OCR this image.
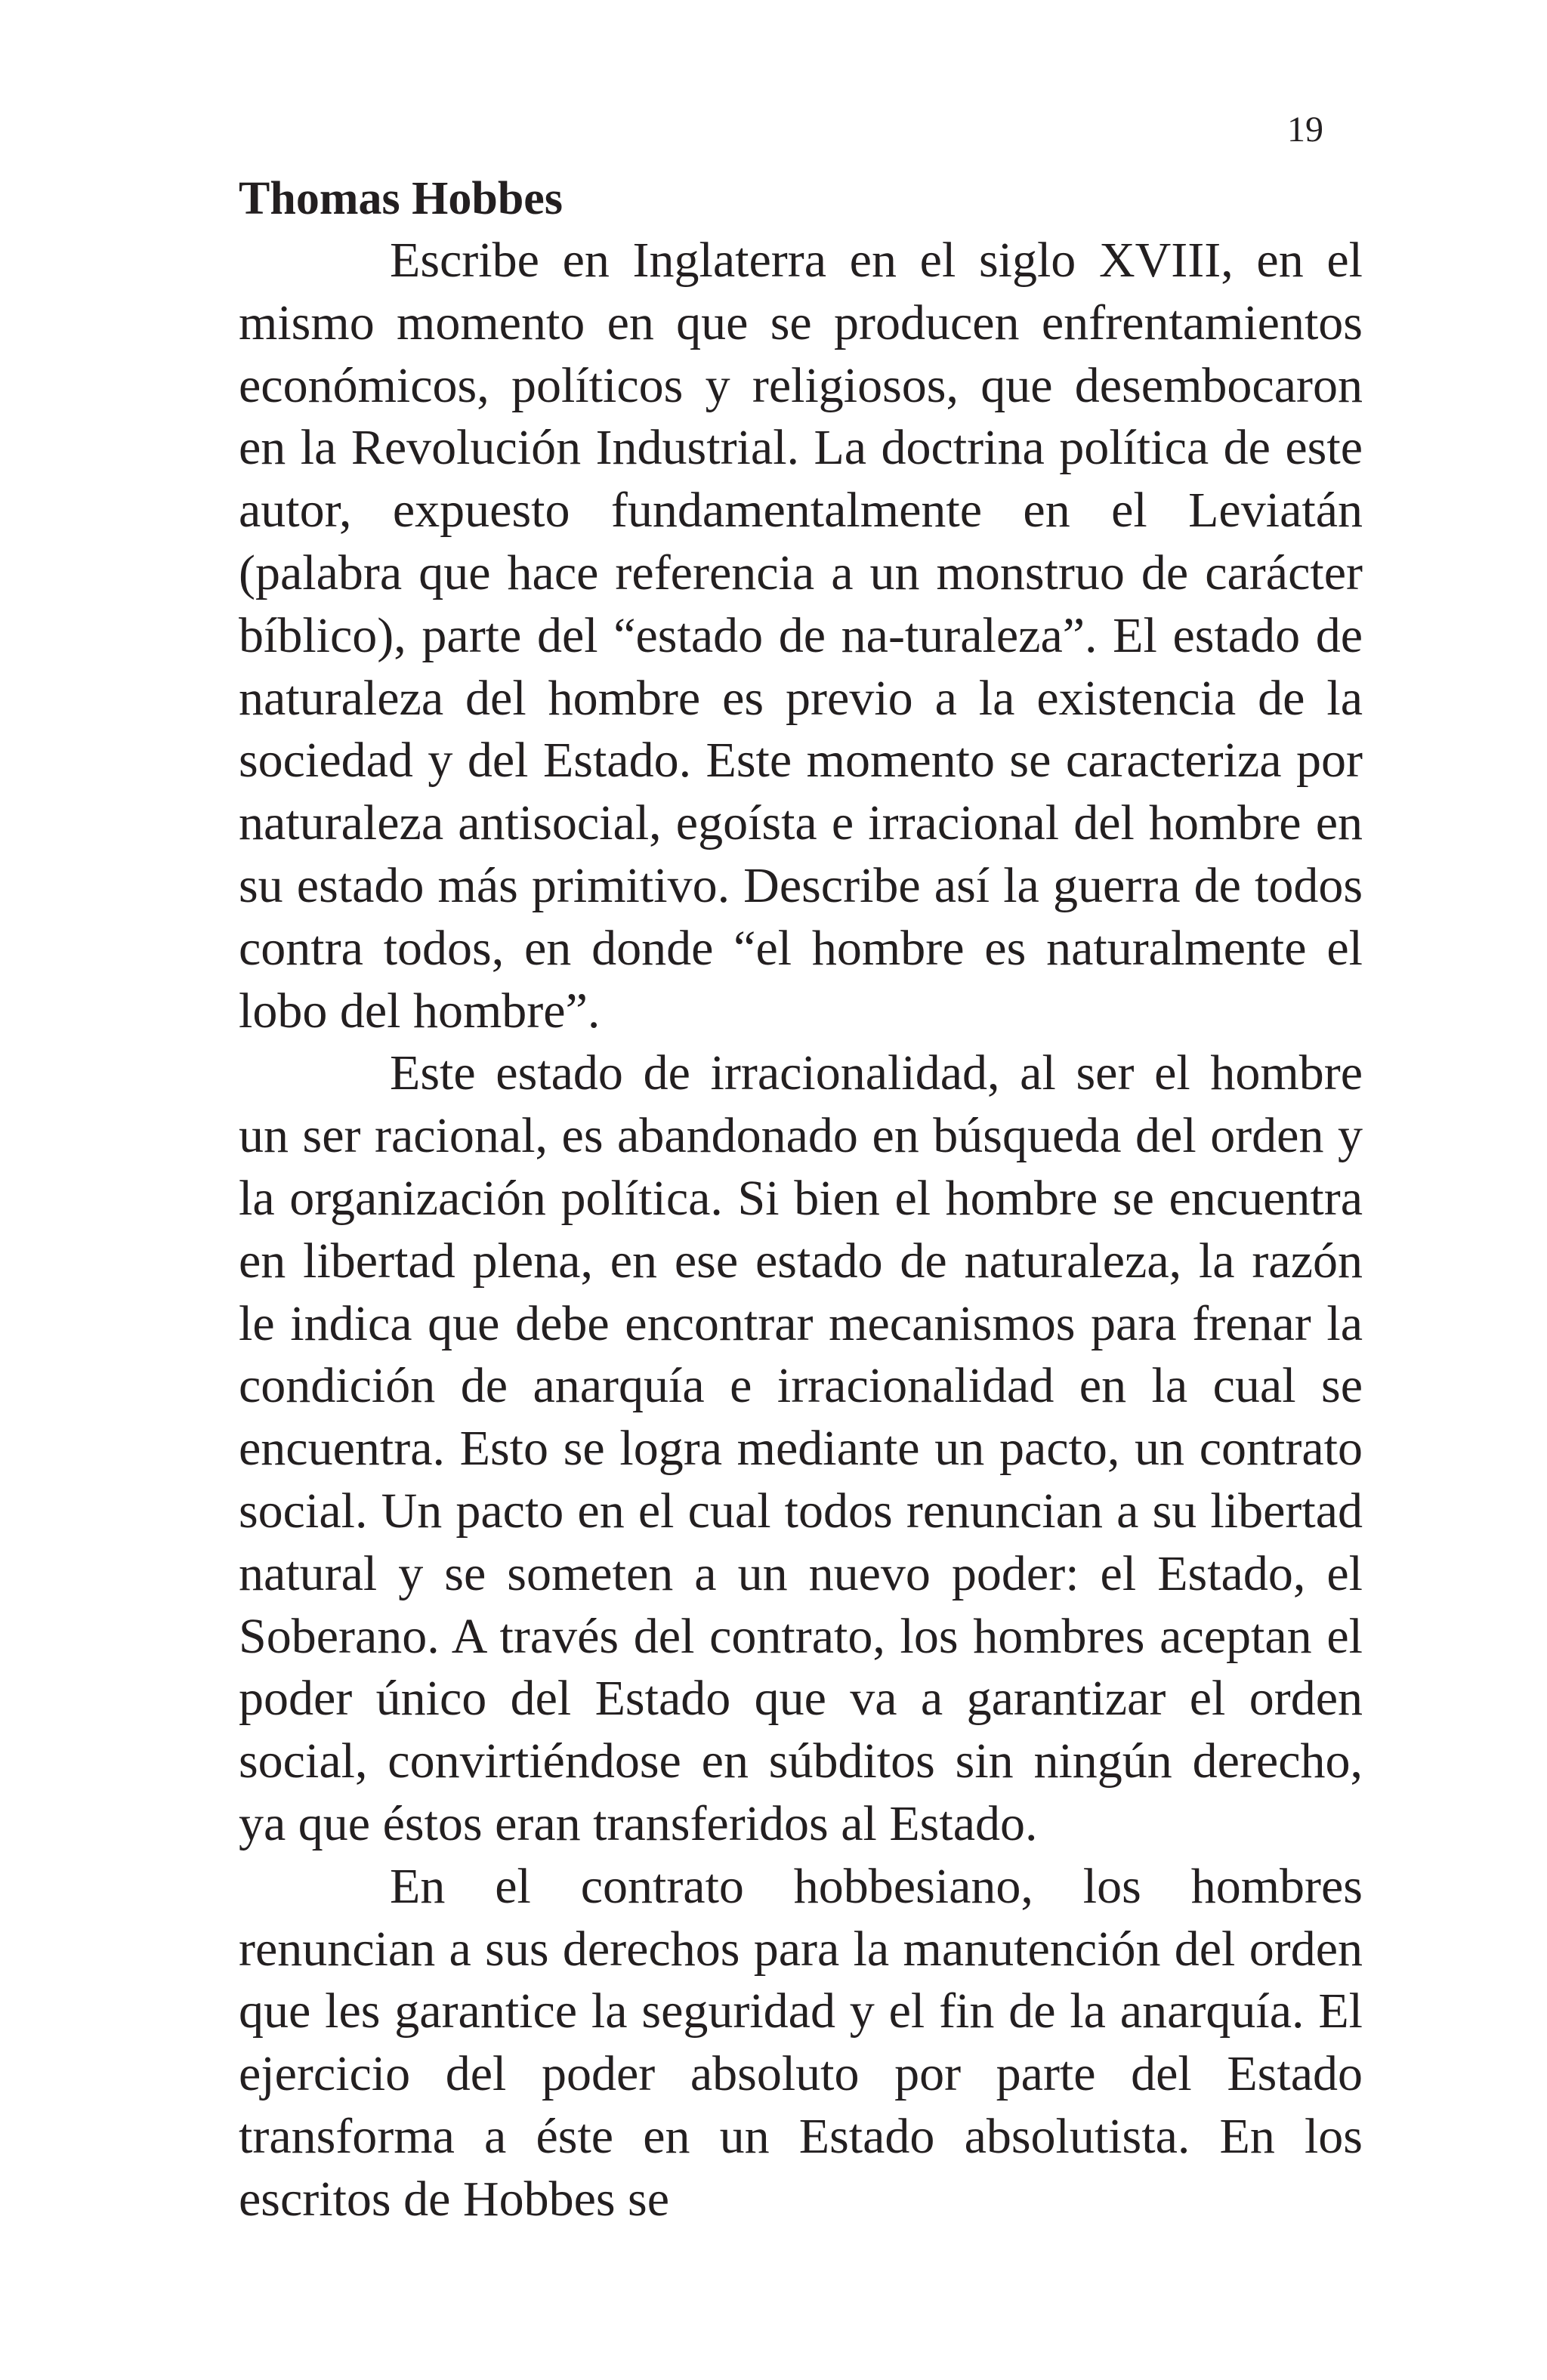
19
Thomas Hobbes

Escribe en Inglaterra en el siglo XVIII, en el mismo momento en que se producen enfrentamientos económicos, políticos y religiosos, que desembocaron en la Revolución Industrial. La doctrina política de este autor, expuesto fundamentalmente en el Leviatán (palabra que hace referencia a un monstruo de carácter bíblico), parte del “estado de na-turaleza”. El estado de naturaleza del hombre es previo a la existencia de la sociedad y del Estado. Este momento se caracteriza por naturaleza antisocial, egoísta e irracional del hombre en su estado más primitivo. Describe así la guerra de todos contra todos, en donde “el hombre es naturalmente el lobo del hombre”.

Este estado de irracionalidad, al ser el hombre un ser racional, es abandonado en búsqueda del orden y la organización política. Si bien el hombre se encuentra en libertad plena, en ese estado de naturaleza, la razón le indica que debe encontrar mecanismos para frenar la condición de anarquía e irracionalidad en la cual se encuentra. Esto se logra mediante un pacto, un contrato social. Un pacto en el cual todos renuncian a su libertad natural y se someten a un nuevo poder: el Estado, el Soberano. A través del contrato, los hombres aceptan el poder único del Estado que va a garantizar el orden social, convirtiéndose en súbditos sin ningún derecho, ya que éstos eran transferidos al Estado.

En el contrato hobbesiano, los hombres renuncian a sus derechos para la manutención del orden que les garantice la seguridad y el fin de la anarquía. El ejercicio del poder absoluto por parte del Estado transforma a éste en un Estado absolutista. En los escritos de Hobbes se
